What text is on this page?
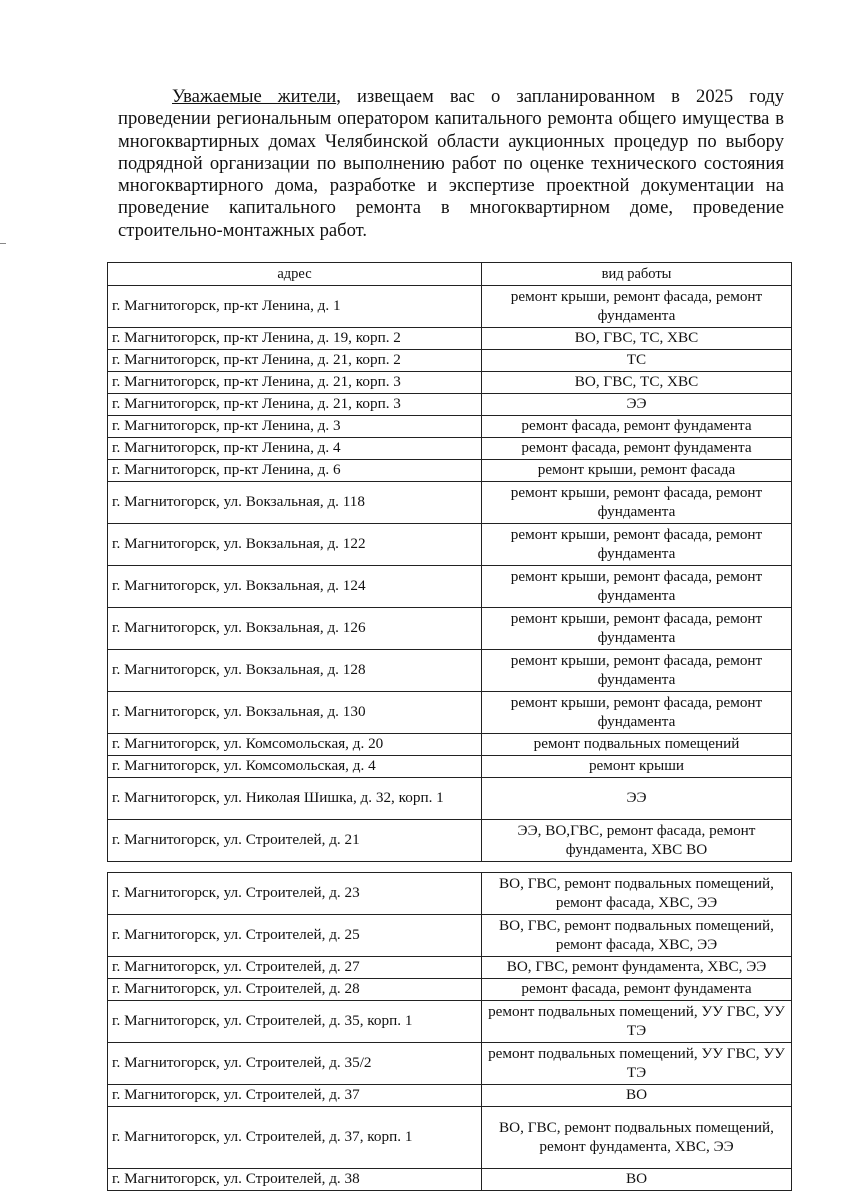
Уважаемые жители, извещаем вас о запланированном в 2025 году проведении региональным оператором капитального ремонта общего имущества в многоквартирных домах Челябинской области аукционных процедур по выбору подрядной организации по выполнению работ по оценке технического состояния многоквартирного дома, разработке и экспертизе проектной документации на проведение капитального ремонта в многоквартирном доме, проведение строительно-монтажных работ.

адрес	вид работы
г. Магнитогорск, пр-кт Ленина, д. 1	ремонт крыши, ремонт фасада, ремонт фундамента
г. Магнитогорск, пр-кт Ленина, д. 19, корп. 2	ВО, ГВС, ТС, ХВС
г. Магнитогорск, пр-кт Ленина, д. 21, корп. 2	ТС
г. Магнитогорск, пр-кт Ленина, д. 21, корп. 3	ВО, ГВС, ТС, ХВС
г. Магнитогорск, пр-кт Ленина, д. 21, корп. 3	ЭЭ
г. Магнитогорск, пр-кт Ленина, д. 3	ремонт фасада, ремонт фундамента
г. Магнитогорск, пр-кт Ленина, д. 4	ремонт фасада, ремонт фундамента
г. Магнитогорск, пр-кт Ленина, д. 6	ремонт крыши, ремонт фасада
г. Магнитогорск, ул. Вокзальная, д. 118	ремонт крыши, ремонт фасада, ремонт фундамента
г. Магнитогорск, ул. Вокзальная, д. 122	ремонт крыши, ремонт фасада, ремонт фундамента
г. Магнитогорск, ул. Вокзальная, д. 124	ремонт крыши, ремонт фасада, ремонт фундамента
г. Магнитогорск, ул. Вокзальная, д. 126	ремонт крыши, ремонт фасада, ремонт фундамента
г. Магнитогорск, ул. Вокзальная, д. 128	ремонт крыши, ремонт фасада, ремонт фундамента
г. Магнитогорск, ул. Вокзальная, д. 130	ремонт крыши, ремонт фасада, ремонт фундамента
г. Магнитогорск, ул. Комсомольская, д. 20	ремонт подвальных помещений
г. Магнитогорск, ул. Комсомольская, д. 4	ремонт крыши
г. Магнитогорск, ул. Николая Шишка, д. 32, корп. 1	ЭЭ
г. Магнитогорск, ул. Строителей, д. 21	ЭЭ, ВО,ГВС, ремонт фасада, ремонт фундамента, ХВС ВО

г. Магнитогорск, ул. Строителей, д. 23	ВО, ГВС, ремонт подвальных помещений, ремонт фасада, ХВС, ЭЭ
г. Магнитогорск, ул. Строителей, д. 25	ВО, ГВС, ремонт подвальных помещений, ремонт фасада, ХВС, ЭЭ
г. Магнитогорск, ул. Строителей, д. 27	ВО, ГВС, ремонт фундамента, ХВС, ЭЭ
г. Магнитогорск, ул. Строителей, д. 28	ремонт фасада, ремонт фундамента
г. Магнитогорск, ул. Строителей, д. 35, корп. 1	ремонт подвальных помещений, УУ ГВС, УУ ТЭ
г. Магнитогорск, ул. Строителей, д. 35/2	ремонт подвальных помещений, УУ ГВС, УУ ТЭ
г. Магнитогорск, ул. Строителей, д. 37	ВО
г. Магнитогорск, ул. Строителей, д. 37, корп. 1	ВО, ГВС, ремонт подвальных помещений, ремонт фундамента, ХВС, ЭЭ
г. Магнитогорск, ул. Строителей, д. 38	ВО
